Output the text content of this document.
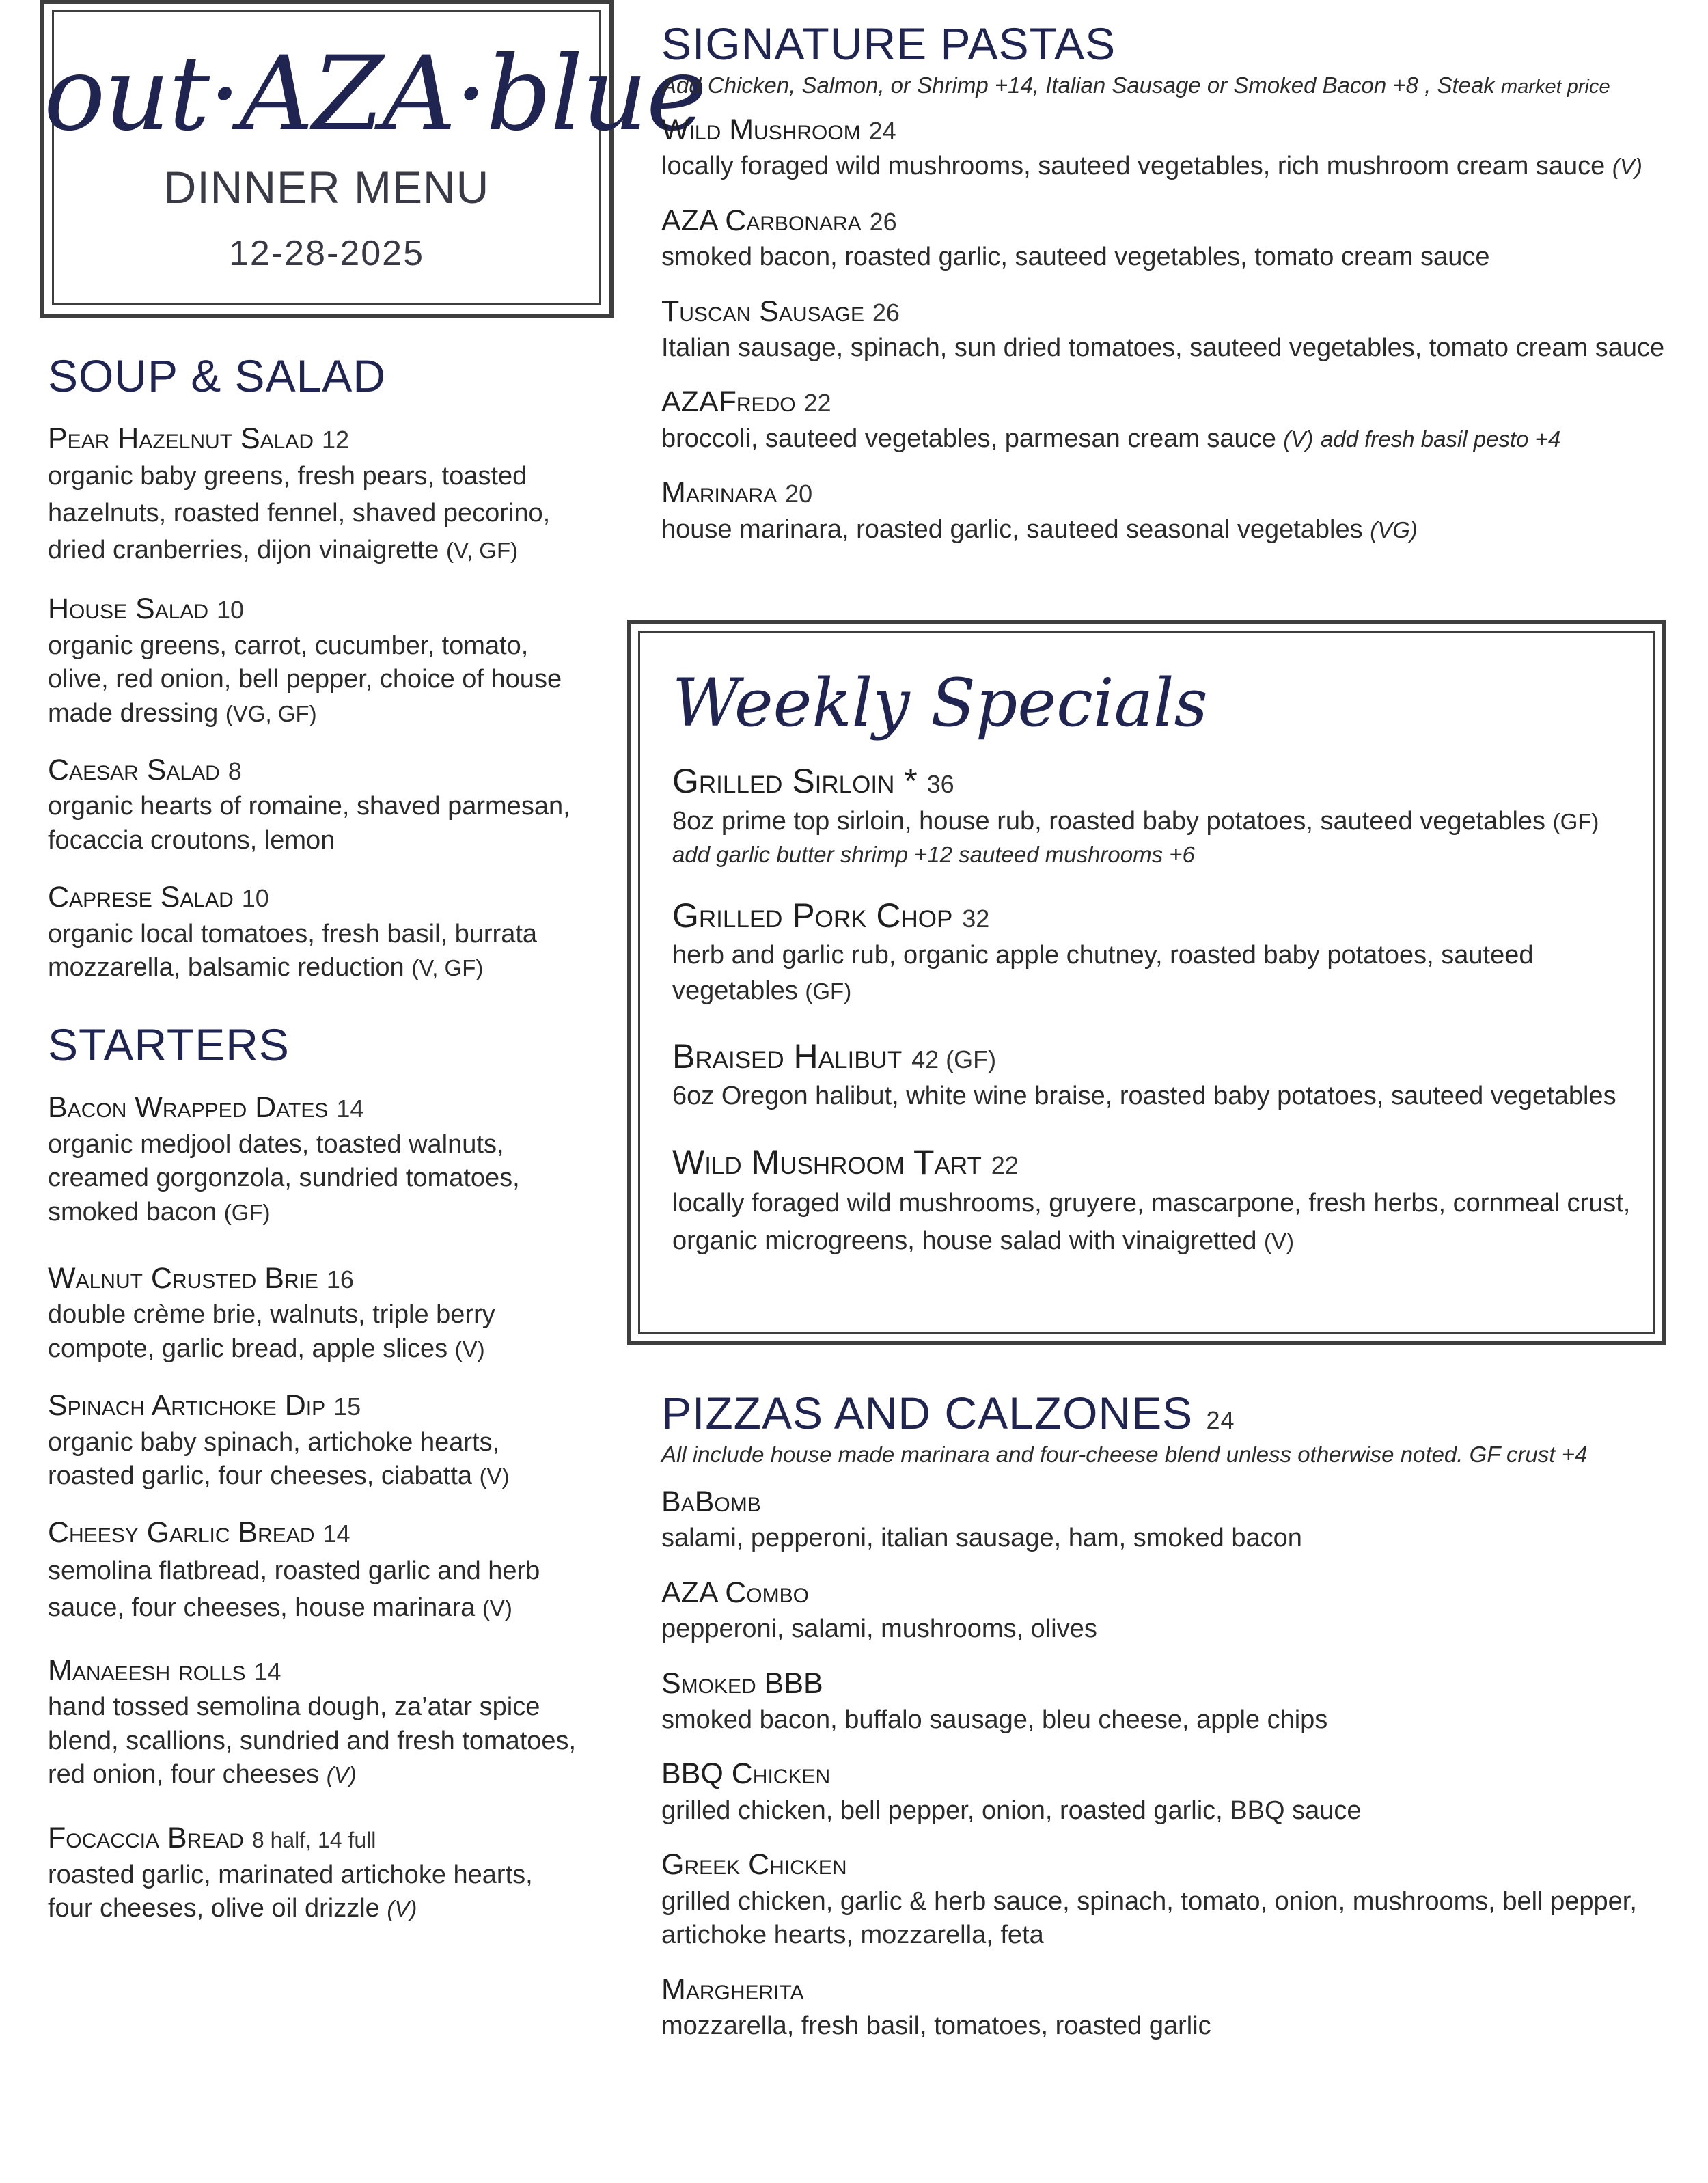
out·AZA·blue
DINNER MENU
12-28-2025
SOUP & SALAD
Pear Hazelnut Salad 12
organic baby greens, fresh pears, toasted hazelnuts, roasted fennel, shaved pecorino, dried cranberries, dijon vinaigrette (V, GF)
House Salad 10
organic greens, carrot, cucumber, tomato, olive, red onion, bell pepper, choice of house made dressing (VG, GF)
Caesar Salad 8
organic hearts of romaine, shaved parmesan, focaccia croutons, lemon
Caprese Salad 10
organic local tomatoes, fresh basil, burrata mozzarella, balsamic reduction (V, GF)
STARTERS
Bacon Wrapped Dates 14
organic medjool dates, toasted walnuts, creamed gorgonzola, sundried tomatoes, smoked bacon (GF)
Walnut Crusted Brie 16
double crème brie, walnuts, triple berry compote, garlic bread, apple slices (V)
Spinach Artichoke Dip 15
organic baby spinach, artichoke hearts, roasted garlic, four cheeses, ciabatta (V)
Cheesy Garlic Bread 14
semolina flatbread, roasted garlic and herb sauce, four cheeses, house marinara (V)
Manaeesh rolls 14
hand tossed semolina dough, za’atar spice blend, scallions, sundried and fresh tomatoes, red onion, four cheeses (V)
Focaccia Bread 8 half, 14 full
roasted garlic, marinated artichoke hearts, four cheeses, olive oil drizzle (V)
SIGNATURE PASTAS
Add Chicken, Salmon, or Shrimp +14, Italian Sausage or Smoked Bacon +8 , Steak market price
Wild Mushroom 24
locally foraged wild mushrooms, sauteed vegetables, rich mushroom cream sauce (V)
AZA Carbonara 26
smoked bacon, roasted garlic, sauteed vegetables, tomato cream sauce
Tuscan Sausage 26
Italian sausage, spinach, sun dried tomatoes, sauteed vegetables, tomato cream sauce
AZAFredo 22
broccoli, sauteed vegetables, parmesan cream sauce (V) add fresh basil pesto +4
Marinara 20
house marinara, roasted garlic, sauteed seasonal vegetables (VG)
Weekly Specials
Grilled Sirloin * 36
8oz prime top sirloin, house rub, roasted baby potatoes, sauteed vegetables (GF)
add garlic butter shrimp +12 sauteed mushrooms +6
Grilled Pork Chop 32
herb and garlic rub, organic apple chutney, roasted baby potatoes, sauteed vegetables (GF)
Braised Halibut 42 (GF)
6oz Oregon halibut, white wine braise, roasted baby potatoes, sauteed vegetables
Wild Mushroom Tart 22
locally foraged wild mushrooms, gruyere, mascarpone, fresh herbs, cornmeal crust, organic microgreens, house salad with vinaigretted (V)
PIZZAS AND CALZONES 24
All include house made marinara and four-cheese blend unless otherwise noted. GF crust +4
BaBomb
salami, pepperoni, italian sausage, ham, smoked bacon
AZA Combo
pepperoni, salami, mushrooms, olives
Smoked BBB
smoked bacon, buffalo sausage, bleu cheese, apple chips
BBQ Chicken
grilled chicken, bell pepper, onion, roasted garlic, BBQ sauce
Greek Chicken
grilled chicken, garlic & herb sauce, spinach, tomato, onion, mushrooms, bell pepper, artichoke hearts, mozzarella, feta
Margherita
mozzarella, fresh basil, tomatoes, roasted garlic
